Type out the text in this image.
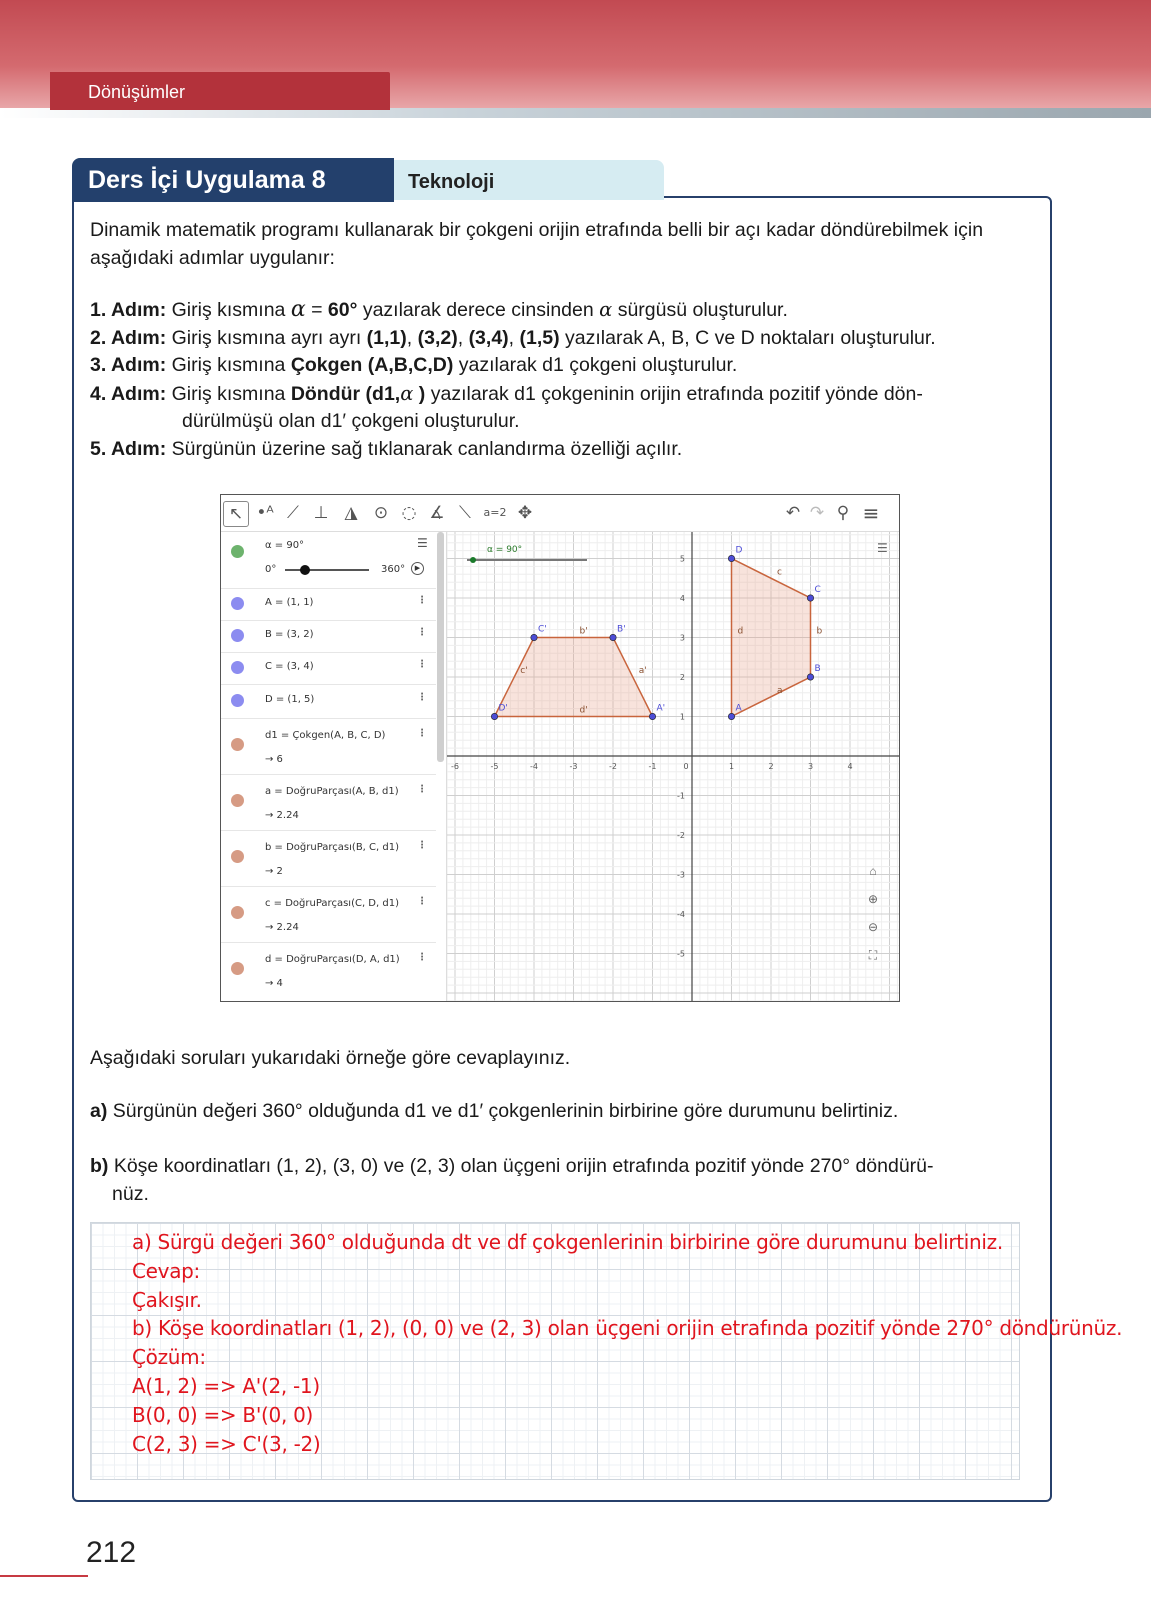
Dönüşümler
Ders İçi Uygulama 8	Teknoloji
Dinamik matematik programı kullanarak bir çokgeni orijin etrafında belli bir açı kadar döndürebilmek için aşağıdaki adımlar uygulanır:
1. Adım: Giriş kısmına α = 60° yazılarak derece cinsinden α sürgüsü oluşturulur.
2. Adım: Giriş kısmına ayrı ayrı (1,1), (3,2), (3,4), (1,5) yazılarak A, B, C ve D noktaları oluşturulur.
3. Adım: Giriş kısmına Çokgen (A,B,C,D) yazılarak d1 çokgeni oluşturulur.
4. Adım: Giriş kısmına Döndür (d1,α ) yazılarak d1 çokgeninin orijin etrafında pozitif yönde dön-
dürülmüşü olan d1′ çokgeni oluşturulur.
5. Adım: Sürgünün üzerine sağ tıklanarak canlandırma özelliği açılır.
↖ •ᴬ ⟋ ⊥ ◮ ⊙ ◌ ∡ ⟍	a=2 ✥	↶ ↷ ⚲ ≡
α = 90°
0°	360°	▶
☰
A = (1, 1)	⋮
B = (3, 2)	⋮
C = (3, 4)	⋮
D = (1, 5)	⋮
d1 = Çokgen(A, B, C, D)
→ 6
⋮
a = DoğruParçası(A, B, d1)
→ 2.24
⋮
b = DoğruParçası(B, C, d1)
→ 2
⋮
c = DoğruParçası(C, D, d1)
→ 2.24
⋮
d = DoğruParçası(D, A, d1)
→ 4
⋮
-6	-5	-4	-3	-2	-1	0	1	2	3	4
5
4
3
2
1
-1
-2
-3
-4
-5
α = 90°
a
b
c
d
A
B
C
D
a'
b'
c'
d'	A'
B'
C'
D'
☰
⌂
⊕
⊖
⛶
Aşağıdaki soruları yukarıdaki örneğe göre cevaplayınız.
a) Sürgünün değeri 360° olduğunda d1 ve d1′ çokgenlerinin birbirine göre durumunu belirtiniz.
b) Köşe koordinatları (1, 2), (3, 0) ve (2, 3) olan üçgeni orijin etrafında pozitif yönde 270° döndürü-
nüz.
a) Sürgü değeri 360° olduğunda dt ve df çokgenlerinin birbirine göre durumunu belirtiniz.
Cevap:
Çakışır.
b) Köşe koordinatları (1, 2), (0, 0) ve (2, 3) olan üçgeni orijin etrafında pozitif yönde 270° döndürünüz.
Çözüm:
A(1, 2) => A'(2, -1)
B(0, 0) => B'(0, 0)
C(2, 3) => C'(3, -2)
212
